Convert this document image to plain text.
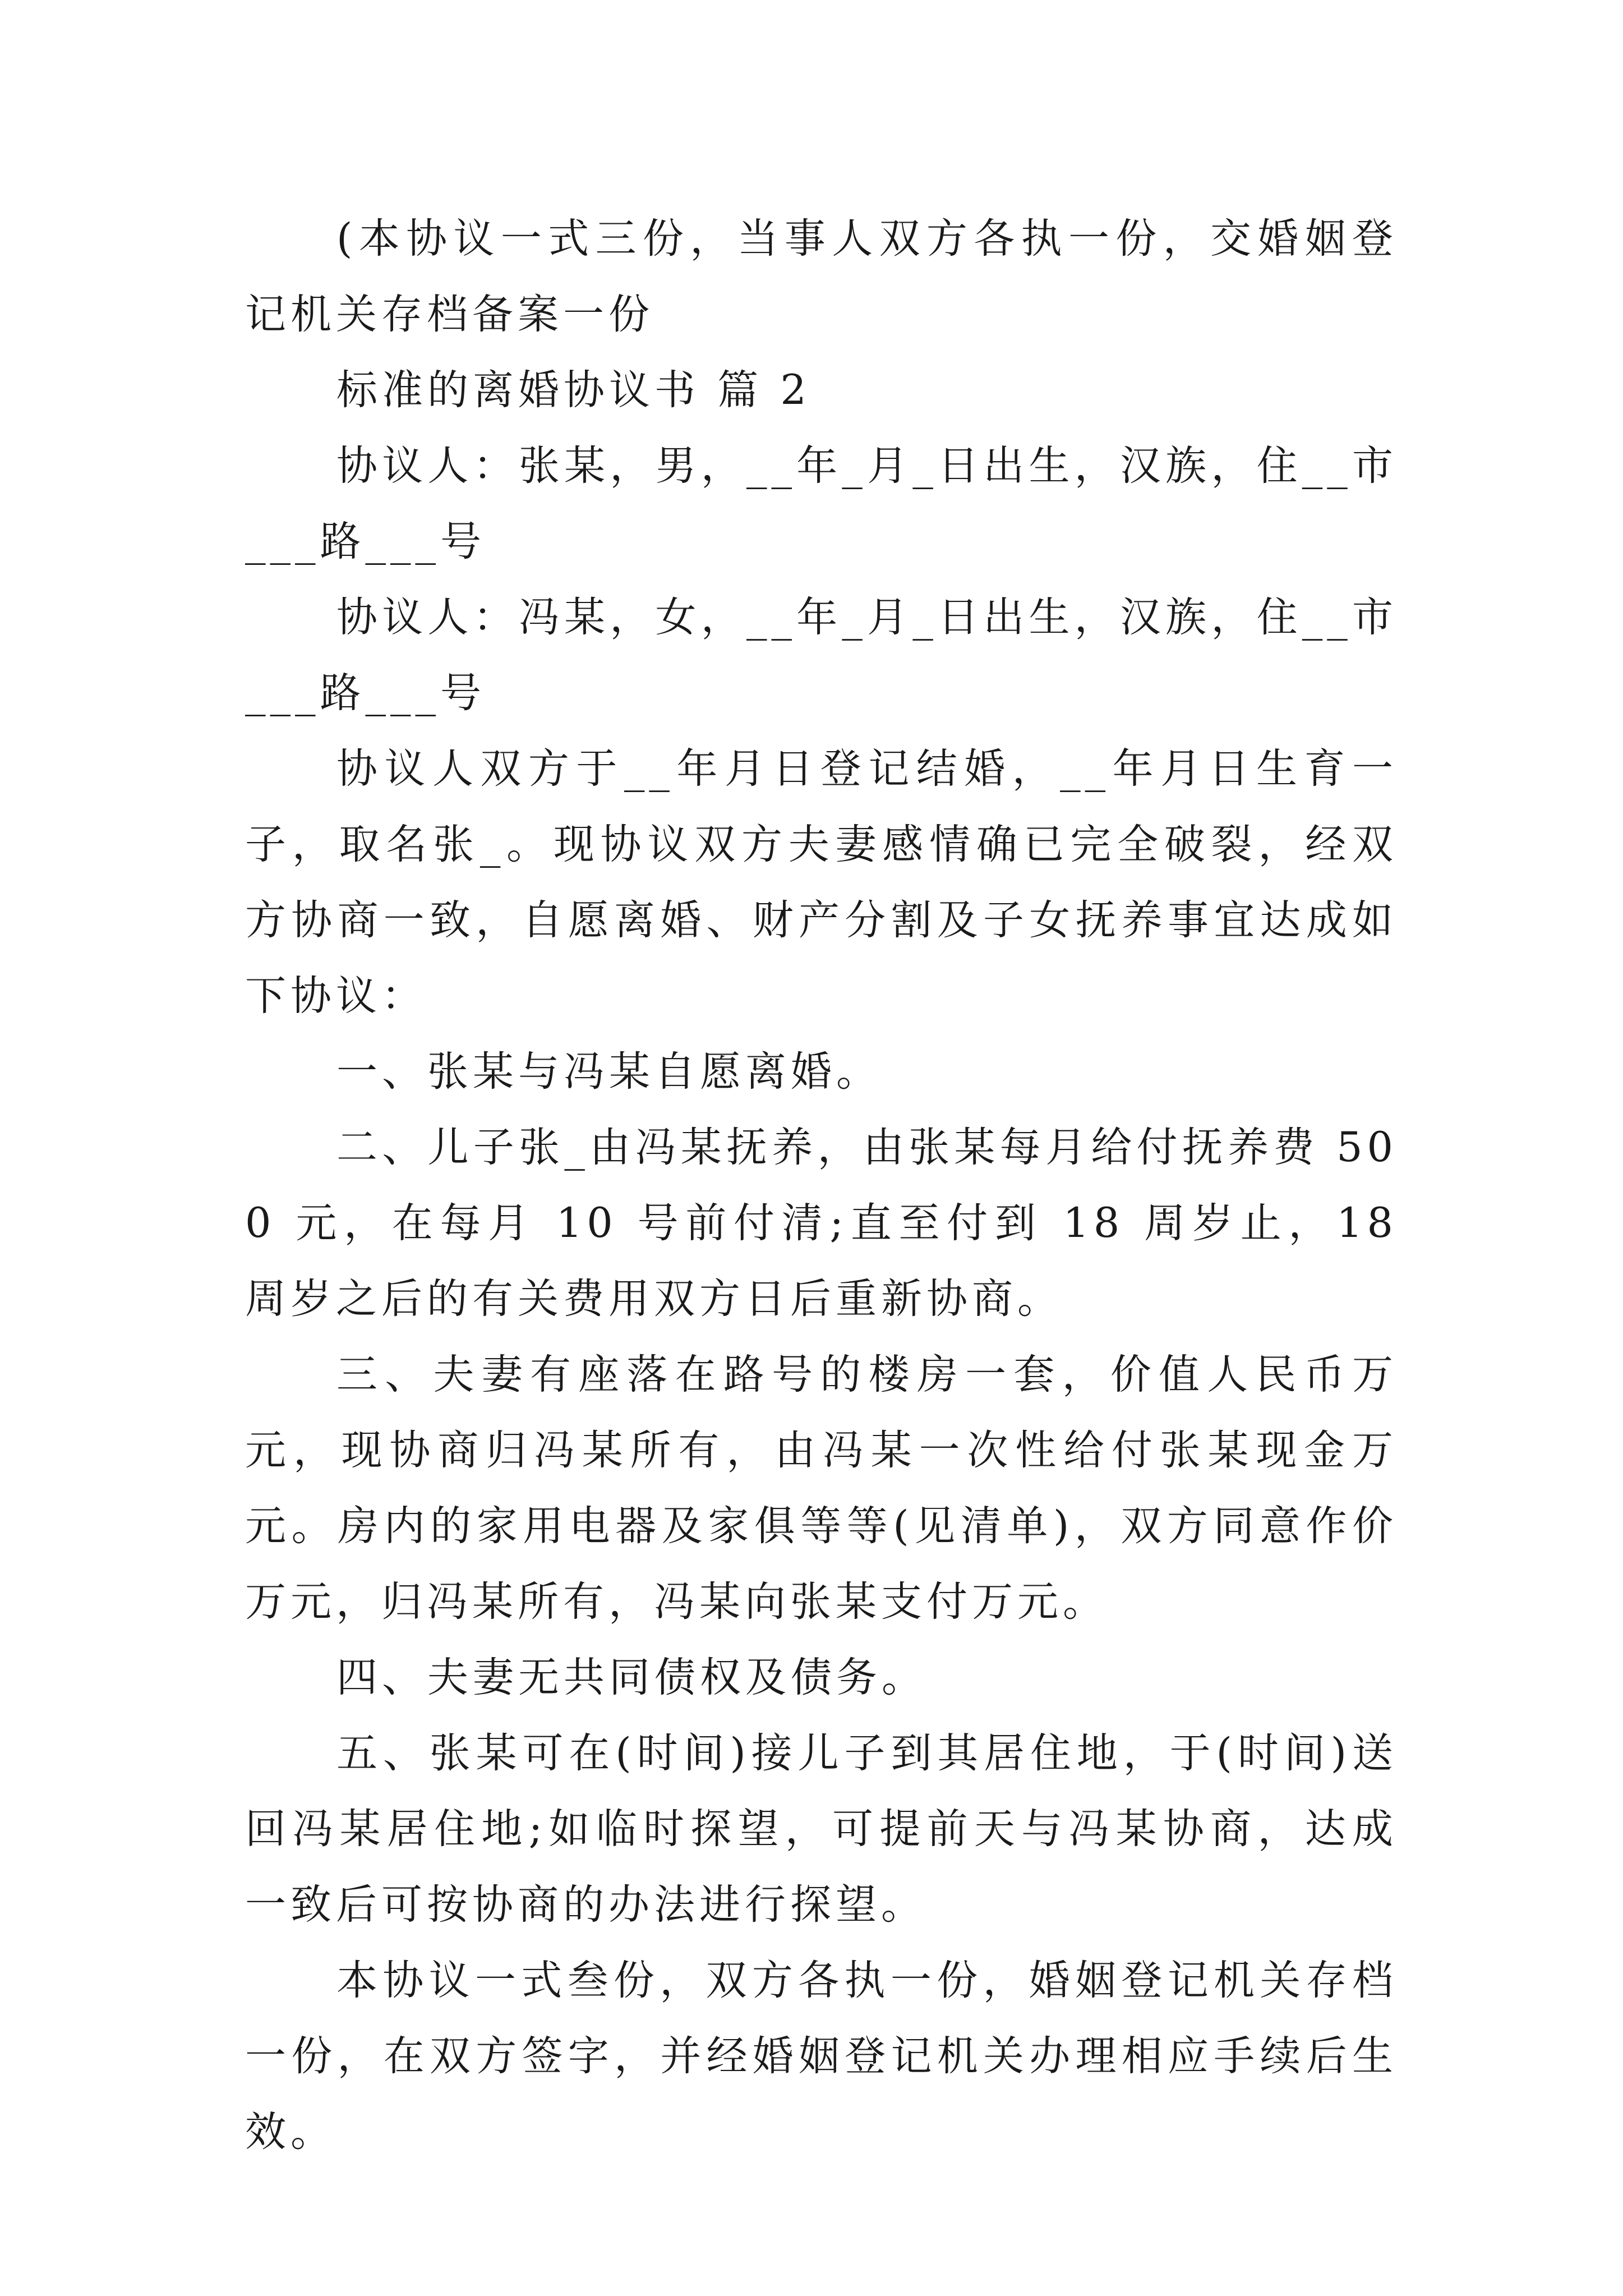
(本协议一式三份，当事人双方各执一份，交婚姻登记机关存档备案一份

标准的离婚协议书 篇 2

协议人：张某，男，__年_月_日出生，汉族，住__市___路___号

协议人：冯某，女，__年_月_日出生，汉族，住__市___路___号

协议人双方于__年月日登记结婚，__年月日生育一子，取名张_。现协议双方夫妻感情确已完全破裂，经双方协商一致，自愿离婚、财产分割及子女抚养事宜达成如下协议：

一、张某与冯某自愿离婚。

二、儿子张_由冯某抚养，由张某每月给付抚养费 500 元，在每月 10 号前付清;直至付到 18 周岁止，18 周岁之后的有关费用双方日后重新协商。

三、夫妻有座落在路号的楼房一套，价值人民币万元，现协商归冯某所有，由冯某一次性给付张某现金万元。房内的家用电器及家俱等等(见清单)，双方同意作价万元，归冯某所有，冯某向张某支付万元。

四、夫妻无共同债权及债务。

五、张某可在(时间)接儿子到其居住地，于(时间)送回冯某居住地;如临时探望，可提前天与冯某协商，达成一致后可按协商的办法进行探望。

本协议一式叁份，双方各执一份，婚姻登记机关存档一份，在双方签字，并经婚姻登记机关办理相应手续后生效。
